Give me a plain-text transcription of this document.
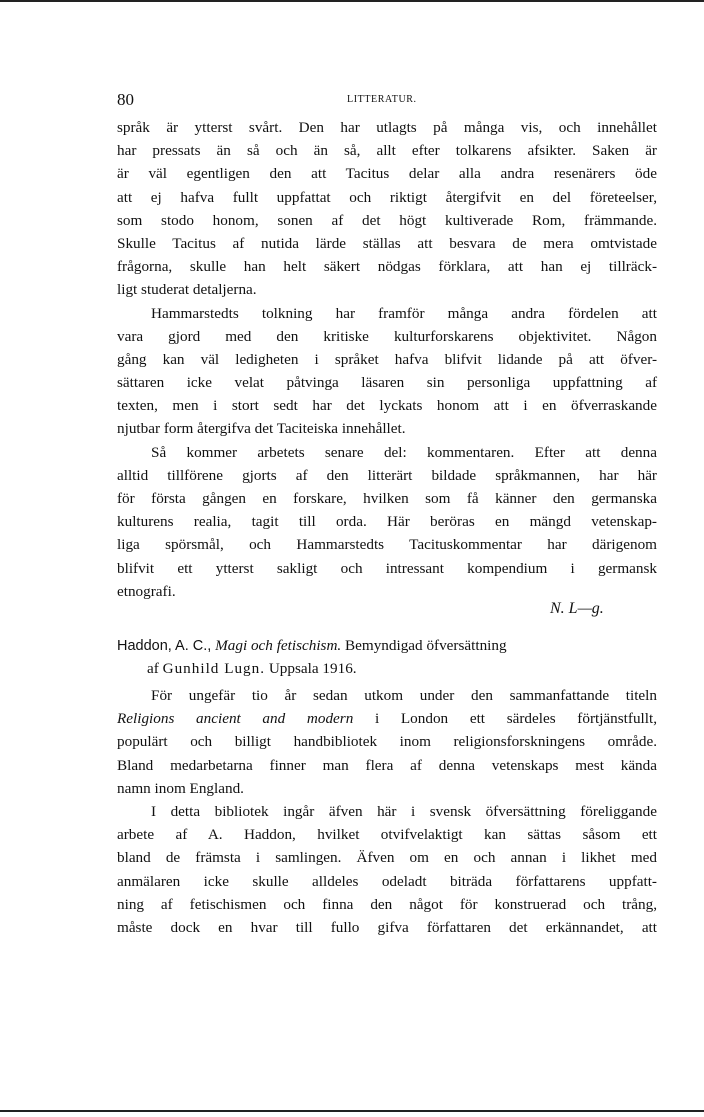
80	LITTERATUR.
språk är ytterst svårt. Den har utlagts på många vis, och innehållet
har pressats än så och än så, allt efter tolkarens afsikter. Saken är
är väl egentligen den att Tacitus delar alla andra resenärers öde
att ej hafva fullt uppfattat och riktigt återgifvit en del företeelser,
som stodo honom, sonen af det högt kultiverade Rom, främmande.
Skulle Tacitus af nutida lärde ställas att besvara de mera omtvistade
frågorna, skulle han helt säkert nödgas förklara, att han ej tillräck-
ligt studerat detaljerna.
Hammarstedts tolkning har framför många andra fördelen att
vara gjord med den kritiske kulturforskarens objektivitet. Någon
gång kan väl ledigheten i språket hafva blifvit lidande på att öfver-
sättaren icke velat påtvinga läsaren sin personliga uppfattning af
texten, men i stort sedt har det lyckats honom att i en öfverraskande
njutbar form återgifva det Taciteiska innehållet.
Så kommer arbetets senare del: kommentaren. Efter att denna
alltid tillförene gjorts af den litterärt bildade språkmannen, har här
för första gången en forskare, hvilken som få känner den germanska
kulturens realia, tagit till orda. Här beröras en mängd vetenskap-
liga spörsmål, och Hammarstedts Tacituskommentar har därigenom
blifvit ett ytterst sakligt och intressant kompendium i germansk
etnografi.
N. L—g.
Haddon, A. C., Magi och fetischism. Bemyndigad öfversättning
af Gunhild Lugn. Uppsala 1916.
För ungefär tio år sedan utkom under den sammanfattande titeln
Religions ancient and modern i London ett särdeles förtjänstfullt,
populärt och billigt handbibliotek inom religionsforskningens område.
Bland medarbetarna finner man flera af denna vetenskaps mest kända
namn inom England.
I detta bibliotek ingår äfven här i svensk öfversättning föreliggande
arbete af A. Haddon, hvilket otvifvelaktigt kan sättas såsom ett
bland de främsta i samlingen. Äfven om en och annan i likhet med
anmälaren icke skulle alldeles odeladt biträda författarens uppfatt-
ning af fetischismen och finna den något för konstruerad och trång,
måste dock en hvar till fullo gifva författaren det erkännandet, att
